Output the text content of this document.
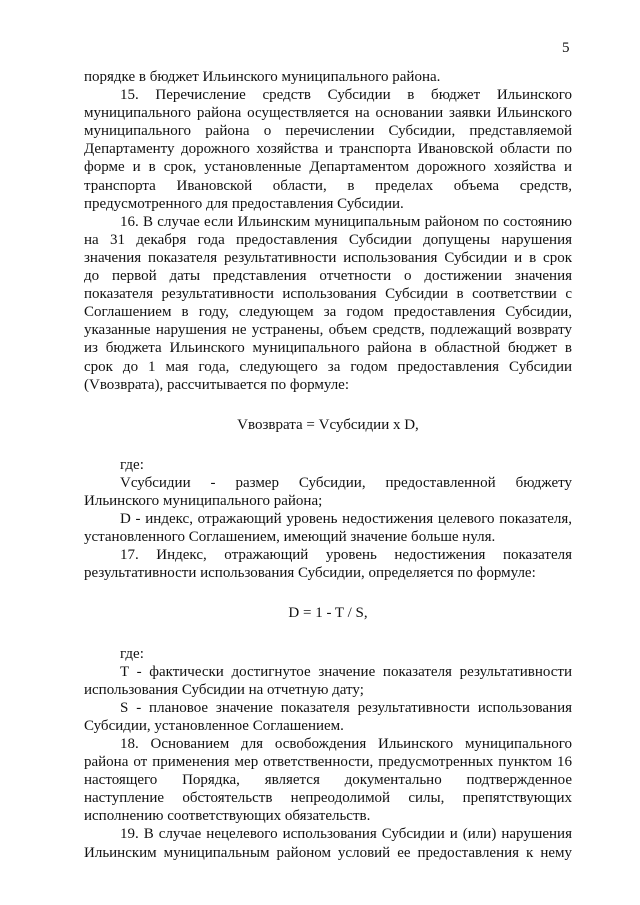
5
порядке в бюджет Ильинского муниципального района.
15. Перечисление средств Субсидии в бюджет Ильинского
муниципального района осуществляется на основании заявки Ильинского
муниципального района о перечислении Субсидии, представляемой
Департаменту дорожного хозяйства и транспорта Ивановской области по
форме и в срок, установленные Департаментом дорожного хозяйства и
транспорта Ивановской области, в пределах объема средств,
предусмотренного для предоставления Субсидии.
16. В случае если Ильинским муниципальным районом по состоянию
на 31 декабря года предоставления Субсидии допущены нарушения
значения показателя результативности использования Субсидии и в срок
до первой даты представления отчетности о достижении значения
показателя результативности использования Субсидии в соответствии с
Соглашением в году, следующем за годом предоставления Субсидии,
указанные нарушения не устранены, объем средств, подлежащий возврату
из бюджета Ильинского муниципального района в областной бюджет в
срок до 1 мая года, следующего за годом предоставления Субсидии
(Vвозврата), рассчитывается по формуле:
Vвозврата = Vсубсидии x D,
где:
Vсубсидии - размер Субсидии, предоставленной бюджету
Ильинского муниципального района;
D - индекс, отражающий уровень недостижения целевого показателя,
установленного Соглашением, имеющий значение больше нуля.
17. Индекс, отражающий уровень недостижения показателя
результативности использования Субсидии, определяется по формуле:
D = 1 - T / S,
где:
T - фактически достигнутое значение показателя результативности
использования Субсидии на отчетную дату;
S - плановое значение показателя результативности использования
Субсидии, установленное Соглашением.
18. Основанием для освобождения Ильинского муниципального
района от применения мер ответственности, предусмотренных пунктом 16
настоящего Порядка, является документально подтвержденное
наступление обстоятельств непреодолимой силы, препятствующих
исполнению соответствующих обязательств.
19. В случае нецелевого использования Субсидии и (или) нарушения
Ильинским муниципальным районом условий ее предоставления к нему
